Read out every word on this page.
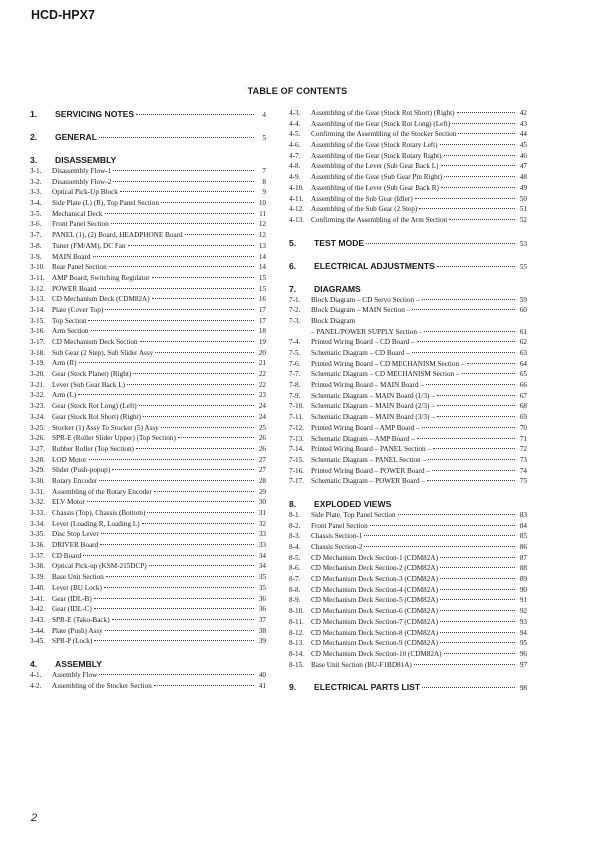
HCD-HPX7
TABLE OF CONTENTS
1.	SERVICING NOTES	4
2.	GENERAL	5
3.	DISASSEMBLY
3-1.	Disassembly Flow-1	7
3-2.	Disassembly Flow-2	8
3-3.	Optical Pick-Up Block	9
3-4.	Side Plate (L) (R), Top Panel Section	10
3-5.	Mechanical Deck	11
3-6.	Front Panel Section	12
3-7.	PANEL (1), (2) Board, HEADPHONE Board	12
3-8.	Tuner (FM/AM), DC Fan	13
3-9.	MAIN Board	14
3-10. Rear Panel Section	14
3-11.	AMP Board, Switching Regulator	15
3-12. POWER Board	15
3-13. CD Mechanism Deck (CDM82A)	16
3-14. Plate (Cover Top)	17
3-15. Top Section	17
3-16. Arm Section	18
3-17. CD Mechanism Deck Section	19
3-18. Sub Gear (2 Step), Sub Slider Assy	20
3-19. Arm (R)	21
3-20. Gear (Stock Planet) (Right)	22
3-21. Lever (Sub Gear Back L)	22
3-22. Arm (L)	23
3-23. Gear (Stock Rot Long) (Left)	24
3-24. Gear (Stock Rot Short) (Right)	24
3-25. Stocker (1) Assy To Stocker (5) Assy	25
3-26. SPR-E (Roller Slider Upper) (Top Section)	26
3-27. Rubber Roller (Top Section)	26
3-28. LOD Motor	27
3-29. Slider (Push-popup)	27
3-30. Rotary Encoder	28
3-31. Assembling of the Rotary Encoder	29
3-32. ELV Motor	30
3-33. Chassis (Top), Chassis (Bottom)	31
3-34. Lever (Loading R, Loading L)	32
3-35. Disc Stop Lever	33
3-36. DRIVER Board	33
3-37. CD Board	34
3-38. Optical Pick-up (KSM-215DCP)	34
3-39. Base Unit Section	35
3-40. Lever (BU Lock)	35
3-41. Gear (IDL-B)	36
3-42. Gear (IDL-C)	36
3-43. SPR-E (Tako-Back)	37
3-44. Plate (Push) Assy	38
3-45. SPR-P (Lock)	39
4.	ASSEMBLY
4-1.	Assembly Flow	40
4-2.	Assembling of the Stocker Section	41
4-3.	Assembling of the Gear (Stock Rot Short) (Right)	42
4-4.	Assembling of the Gear (Stock Rot Long) (Left)	43
4-5.	Confirming the Assembling of the Stocker Section	44
4-6.	Assembling of the Gear (Stock Rotary Left)	45
4-7.	Assembling of the Gear (Stock Rotary Right)	46
4-8.	Assembling of the Lever (Sub Gear Back L)	47
4-9.	Assembling of the Gear (Sub Gear Pin Right)	48
4-10. Assembling of the Lever (Sub Gear Back R)	49
4-11.	Assembling of the Sub Gear (Idler)	50
4-12. Assembling of the Sub Gear (2 Step)	51
4-13. Confirming the Assembling of the Arm Section	52
5.	TEST MODE	53
6.	ELECTRICAL ADJUSTMENTS	55
7.	DIAGRAMS
7-1.	Block Diagram – CD Servo Section –	59
7-2.	Block Diagram – MAIN Section –	60
7-3.	Block Diagram
– PANEL/POWER SUPPLY Section –	61
7-4.	Printed Wiring Board – CD Board –	62
7-5.	Schematic Diagram – CD Board –	63
7-6.	Printed Wiring Board – CD MECHANISM Section –	64
7-7.	Schematic Diagram – CD MECHANISM Section –	65
7-8.	Printed Wiring Board – MAIN Board –	66
7-9.	Schematic Diagram – MAIN Board (1/3) –	67
7-10. Schematic Diagram – MAIN Board (2/3) –	68
7-11.	Schematic Diagram – MAIN Board (3/3) –	69
7-12. Printed Wiring Board – AMP Board –	70
7-13. Schematic Diagram – AMP Board –	71
7-14. Printed Wiring Board – PANEL Section –	72
7-15. Schematic Diagram – PANEL Section –	73
7-16. Printed Wiring Board – POWER Board –	74
7-17. Schematic Diagram – POWER Board –	75
8.	EXPLODED VIEWS
8-1.	Side Plate, Top Panel Section	83
8-2.	Front Panel Section	84
8-3.	Chassis Section-1	85
8-4.	Chassis Section-2	86
8-5.	CD Mechanism Deck Section-1 (CDM82A)	87
8-6.	CD Mechanism Deck Section-2 (CDM82A)	88
8-7.	CD Mechanism Deck Section-3 (CDM82A)	89
8-8.	CD Mechanism Deck Section-4 (CDM82A)	90
8-9.	CD Mechanism Deck Section-5 (CDM82A)	91
8-10. CD Mechanism Deck Section-6 (CDM82A)	92
8-11.	CD Mechanism Deck Section-7 (CDM82A)	93
8-12. CD Mechanism Deck Section-8 (CDM82A)	94
8-13. CD Mechanism Deck Section-9 (CDM82A)	95
8-14. CD Mechanism Deck Section-10 (CDM82A)	96
8-15. Base Unit Section (BU-F1BD81A)	97
9.	ELECTRICAL PARTS LIST	98
2
